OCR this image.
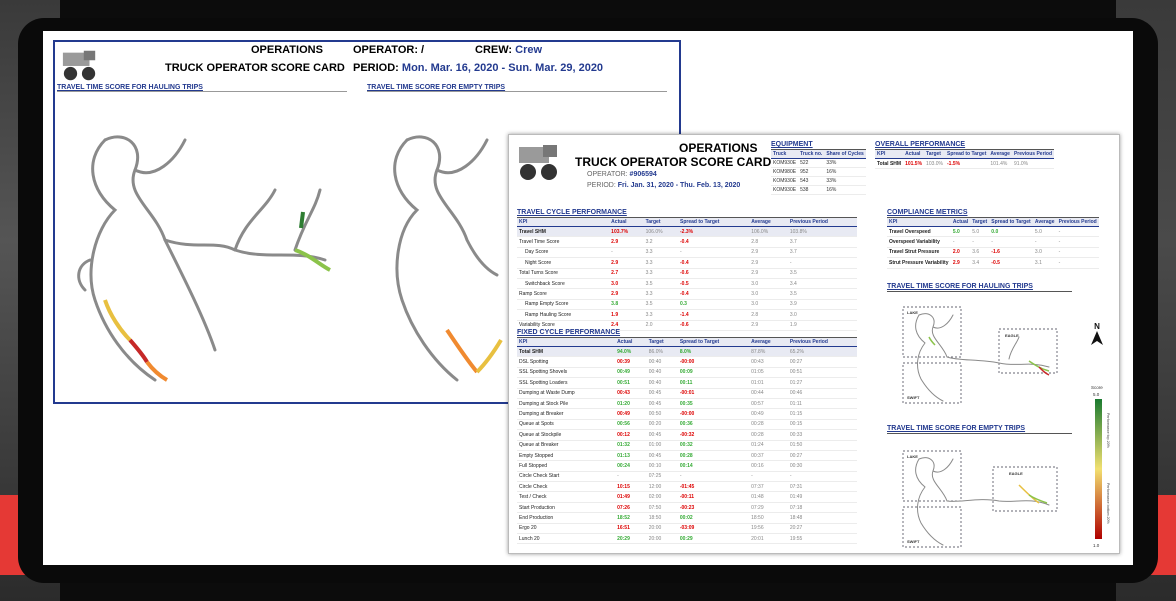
OPERATIONS
TRUCK OPERATOR SCORE CARD
OPERATOR: /	CREW: Crew
PERIOD: Mon. Mar. 16, 2020 - Sun. Mar. 29, 2020
TRAVEL TIME SCORE FOR HAULING TRIPS	TRAVEL TIME SCORE FOR EMPTY TRIPS
OPERATIONS
TRUCK OPERATOR SCORE CARD
OPERATOR: #906594
PERIOD: Fri. Jan. 31, 2020 - Thu. Feb. 13, 2020
EQUIPMENT
Truck	Truck no.	Share of Cycles
KOM930E	522	33%
KOM980E	952	16%
KOM930E	543	33%
KOM930E	538	16%
OVERALL PERFORMANCE
KPI	Actual	Target	Spread to Target	Average	Previous Period
Total SHM	101.5%	103.0%	-1.5%	101.4%	91.0%
TRAVEL CYCLE PERFORMANCE
KPI	Actual	Target	Spread to Target	Average	Previous Period
Travel SHM	103.7%	106.0%	-2.3%	106.0%	103.8%
Travel Time Score	2.9	3.2	-0.4	2.8	3.7
Day Score	-	3.3	-	2.9	3.7
Night Score	2.9	3.3	-0.4	2.9	-
Total Turns Score	2.7	3.3	-0.6	2.9	3.5
Switchback Score	3.0	3.5	-0.5	3.0	3.4
Ramp Score	2.9	3.3	-0.4	3.0	3.5
Ramp Empty Score	3.8	3.5	0.3	3.0	3.9
Ramp Hauling Score	1.9	3.3	-1.4	2.8	3.0
Variability Score	2.4	2.0	-0.6	2.9	1.9
FIXED CYCLE PERFORMANCE
KPI	Actual	Target	Spread to Target	Average	Previous Period
Total SHM	94.0%	86.0%	8.0%	87.8%	65.2%
DSL Spotting	00:39	00:40	-00:00	00:43	00:27
SSL Spotting Shovels	00:49	00:40	00:09	01:05	00:51
SSL Spotting Loaders	00:51	00:40	00:11	01:01	01:27
Dumping at Waste Dump	00:43	00:45	-00:01	00:44	00:46
Dumping at Stock Pile	01:20	00:45	00:35	00:57	01:11
Dumping at Breaker	00:49	00:50	-00:00	00:49	01:15
Queue at Spots	00:56	00:20	00:36	00:28	00:15
Queue at Stockpile	00:12	00:45	-00:32	00:28	00:33
Queue at Breaker	01:32	01:00	00:32	01:24	01:50
Empty Stopped	01:13	00:45	00:28	00:37	00:27
Full Stopped	00:24	00:10	00:14	00:16	00:30
Circle Check Start	-	07:25	-	-	-
Circle Check	10:15	12:00	-01:45	07:37	07:31
Test / Check	01:49	02:00	-00:11	01:48	01:49
Start Production	07:26	07:50	-00:23	07:29	07:18
End Production	18:52	18:50	00:02	18:50	18:48
Ergo 20	16:51	20:00	-03:09	19:56	20:27
Lunch 20	20:29	20:00	00:29	20:01	19:55
COMPLIANCE METRICS
KPI	Actual	Target	Spread to Target	Average	Previous Period
Travel Overspeed	5.0	5.0	0.0	5.0	-
Overspeed Variability	-	-	-	-	-
Travel Strut Pressure	2.0	3.6	-1.6	3.0	-
Strut Pressure Variability	2.9	3.4	-0.5	3.1	-
TRAVEL TIME SCORE FOR HAULING TRIPS
LAKE
EAGLE
SWIFT
TRAVEL TIME SCORE FOR EMPTY TRIPS
LAKE
EAGLE
SWIFT
N
Score
5.0
1.0
Performance top 20%
Performance bottom 20%
